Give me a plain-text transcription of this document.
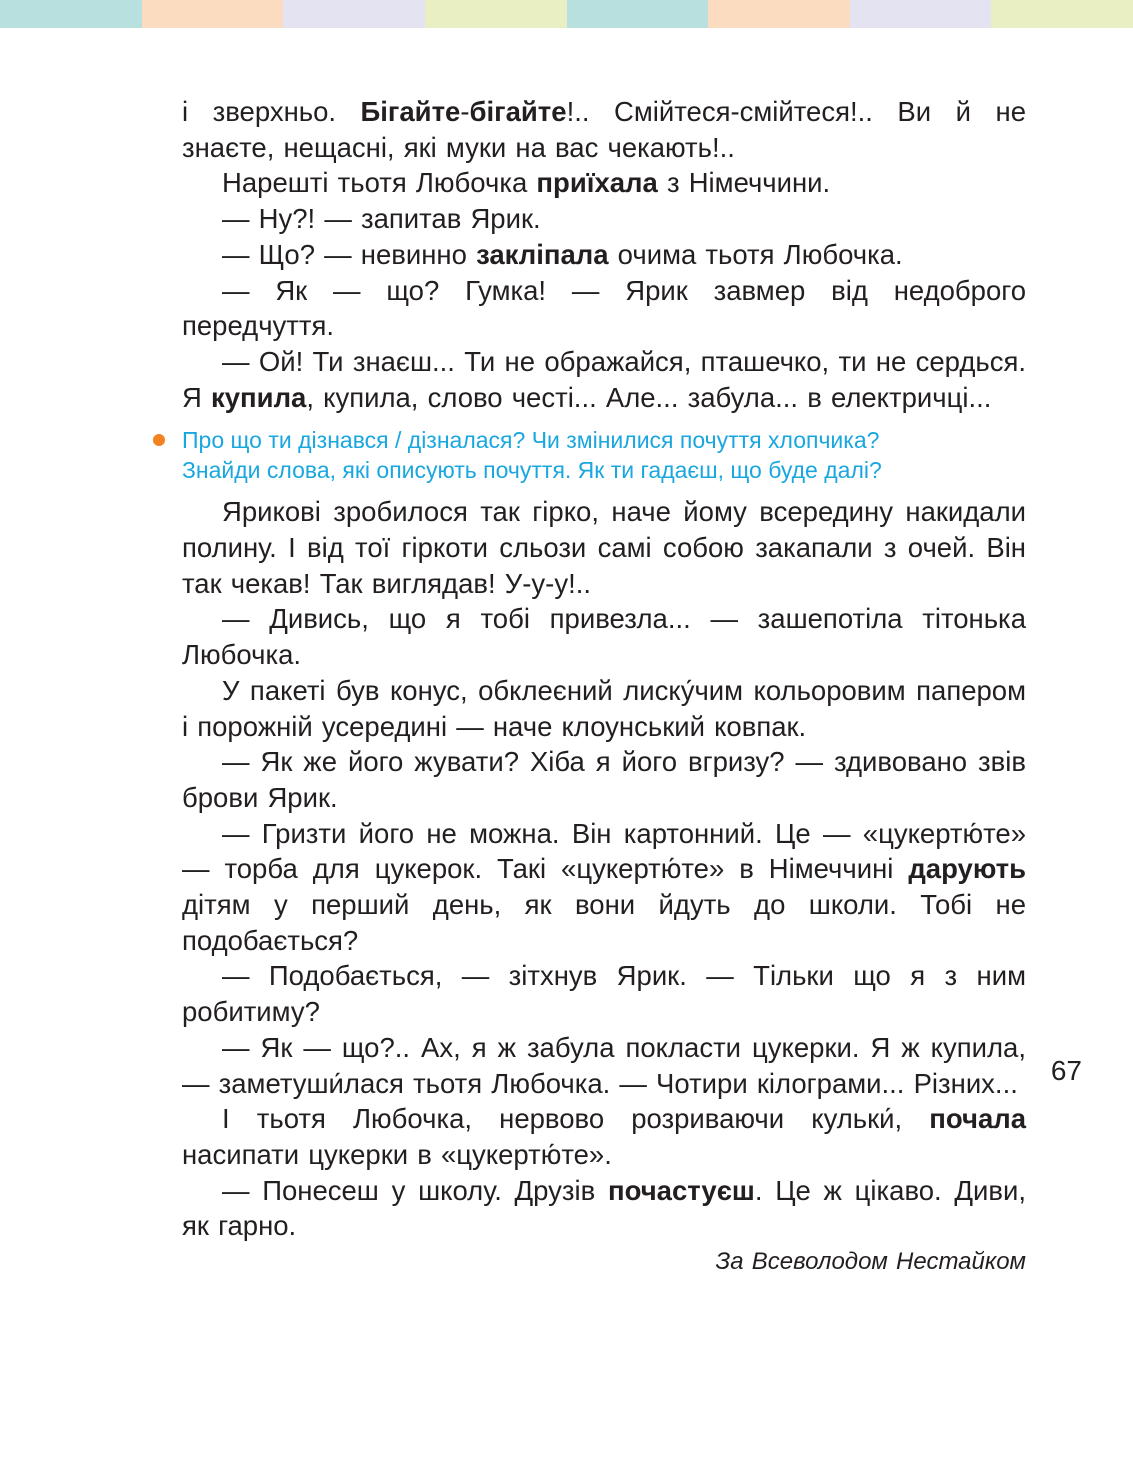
і зверхньо. Бігайте-бігайте!.. Смійтеся-смійтеся!.. Ви й не знаєте, нещасні, які муки на вас чекають!..

Нарешті тьотя Любочка приїхала з Німеччини.

— Ну?! — запитав Ярик.

— Що? — невинно закліпала очима тьотя Любочка.

— Як — що? Гумка! — Ярик завмер від недоброго передчуття.

— Ой! Ти знаєш... Ти не ображайся, пташечко, ти не сердься. Я купила, купила, слово честі... Але... забула... в електричці...

Про що ти дізнався / дізналася? Чи змінилися почуття хлопчика?
Знайди слова, які описують почуття. Як ти гадаєш, що буде далі?

Ярикові зробилося так гірко, наче йому всередину накидали полину. І від тої гіркоти сльози самі собою закапали з очей. Він так чекав! Так виглядав! У-у-у!..

— Дивись, що я тобі привезла... — зашепотіла тітонька Любочка.

У пакеті був конус, обклеєний лиску́чим кольоровим папером і порожній усередині — наче клоунський ковпак.

— Як же його жувати? Хіба я його вгризу? — здивовано звів брови Ярик.

— Гризти його не можна. Він картонний. Це — «цукертю́те» — торба для цукерок. Такі «цукертю́те» в Німеччині дарують дітям у перший день, як вони йдуть до школи. Тобі не подобається?

— Подобається, — зітхнув Ярик. — Тільки що я з ним робитиму?

— Як — що?.. Ах, я ж забула покласти цукерки. Я ж купила, — заметуши́лася тьотя Любочка. — Чотири кілограми... Різних...

І тьотя Любочка, нервово розриваючи кульки́, почала насипати цукерки в «цукертю́те».

— Понесеш у школу. Друзів почастуєш. Це ж цікаво. Диви, як гарно.

За Всеволодом Нестайком
67
